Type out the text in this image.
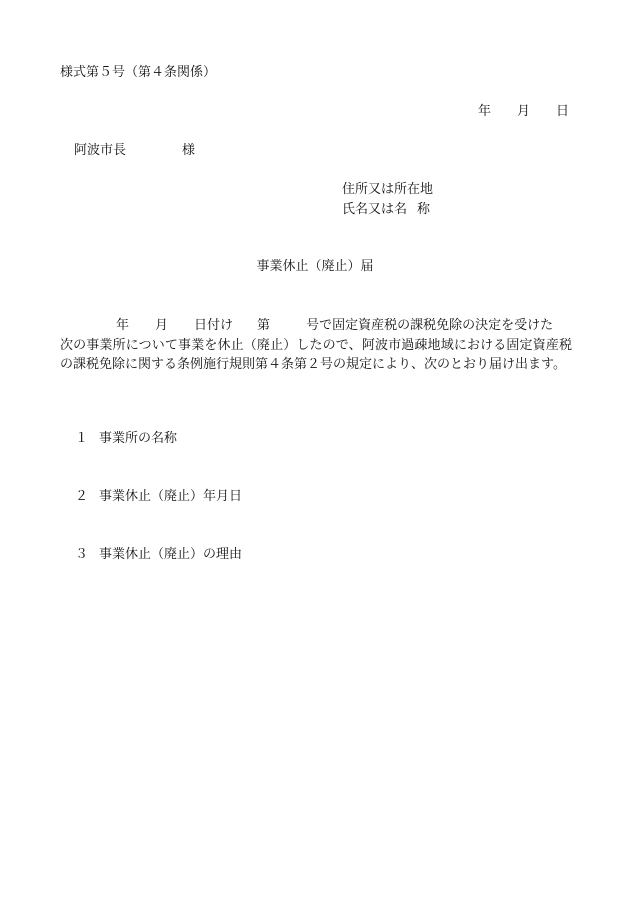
様式第５号（第４条関係）
年 月 日
阿波市長	様
住所又は所在地
氏名又は名 称
事業休止（廃止）届
年 月 日付け 第	号で固定資産税の課税免除の決定を受けた
次の事業所について事業を休止（廃止）したので、阿波市過疎地域における固定資産税の課税免除に関する条例施行規則第４条第２号の規定により、次のとおり届け出ます。
１ 事業所の名称
２ 事業休止（廃止）年月日
３ 事業休止（廃止）の理由
